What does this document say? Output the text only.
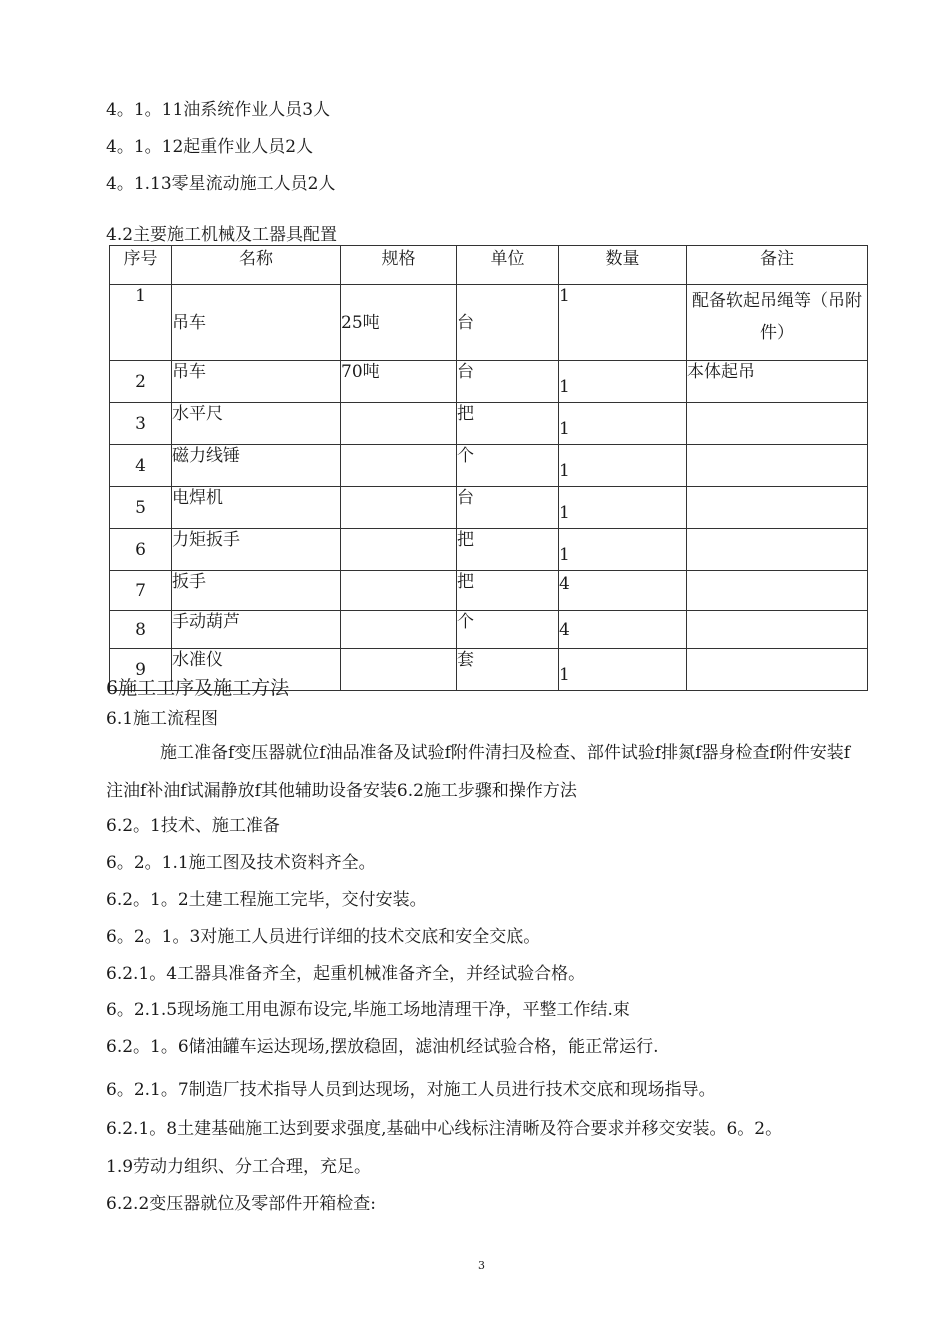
4。1。11油系统作业人员3人
4。1。12起重作业人员2人
4。1.13零星流动施工人员2人
4.2主要施工机械及工器具配置
序号	名称	规格	单位	数量	备注

1	吊车	25吨	台	1	配备软起吊绳等（吊附件）
2	吊车	70吨	台	1	本体起吊
3	水平尺		把	1	
4	磁力线锤		个	1	
5	电焊机		台	1	
6	力矩扳手		把	1	
7	扳手		把	4	
8	手动葫芦		个	4	
9	水准仪		套	1	
6施工工序及施工方法
6.1施工流程图
施工准备f变压器就位f油品准备及试验f附件清扫及检查、部件试验f排氮f器身检查f附件安装f注油f补油f试漏静放f其他辅助设备安装6.2施工步骤和操作方法
6.2。1技术、施工准备
6。2。1.1施工图及技术资料齐全。
6.2。1。2土建工程施工完毕，交付安装。
6。2。1。3对施工人员进行详细的技术交底和安全交底。
6.2.1。4工器具准备齐全，起重机械准备齐全，并经试验合格。
6。2.1.5现场施工用电源布设完,毕施工场地清理干净，平整工作结.束
6.2。1。6储油罐车运达现场,摆放稳固，滤油机经试验合格，能正常运行.
6。2.1。7制造厂技术指导人员到达现场，对施工人员进行技术交底和现场指导。
6.2.1。8土建基础施工达到要求强度,基础中心线标注清晰及符合要求并移交安装。6。2。
1.9劳动力组织、分工合理，充足。
6.2.2变压器就位及零部件开箱检查:
3
